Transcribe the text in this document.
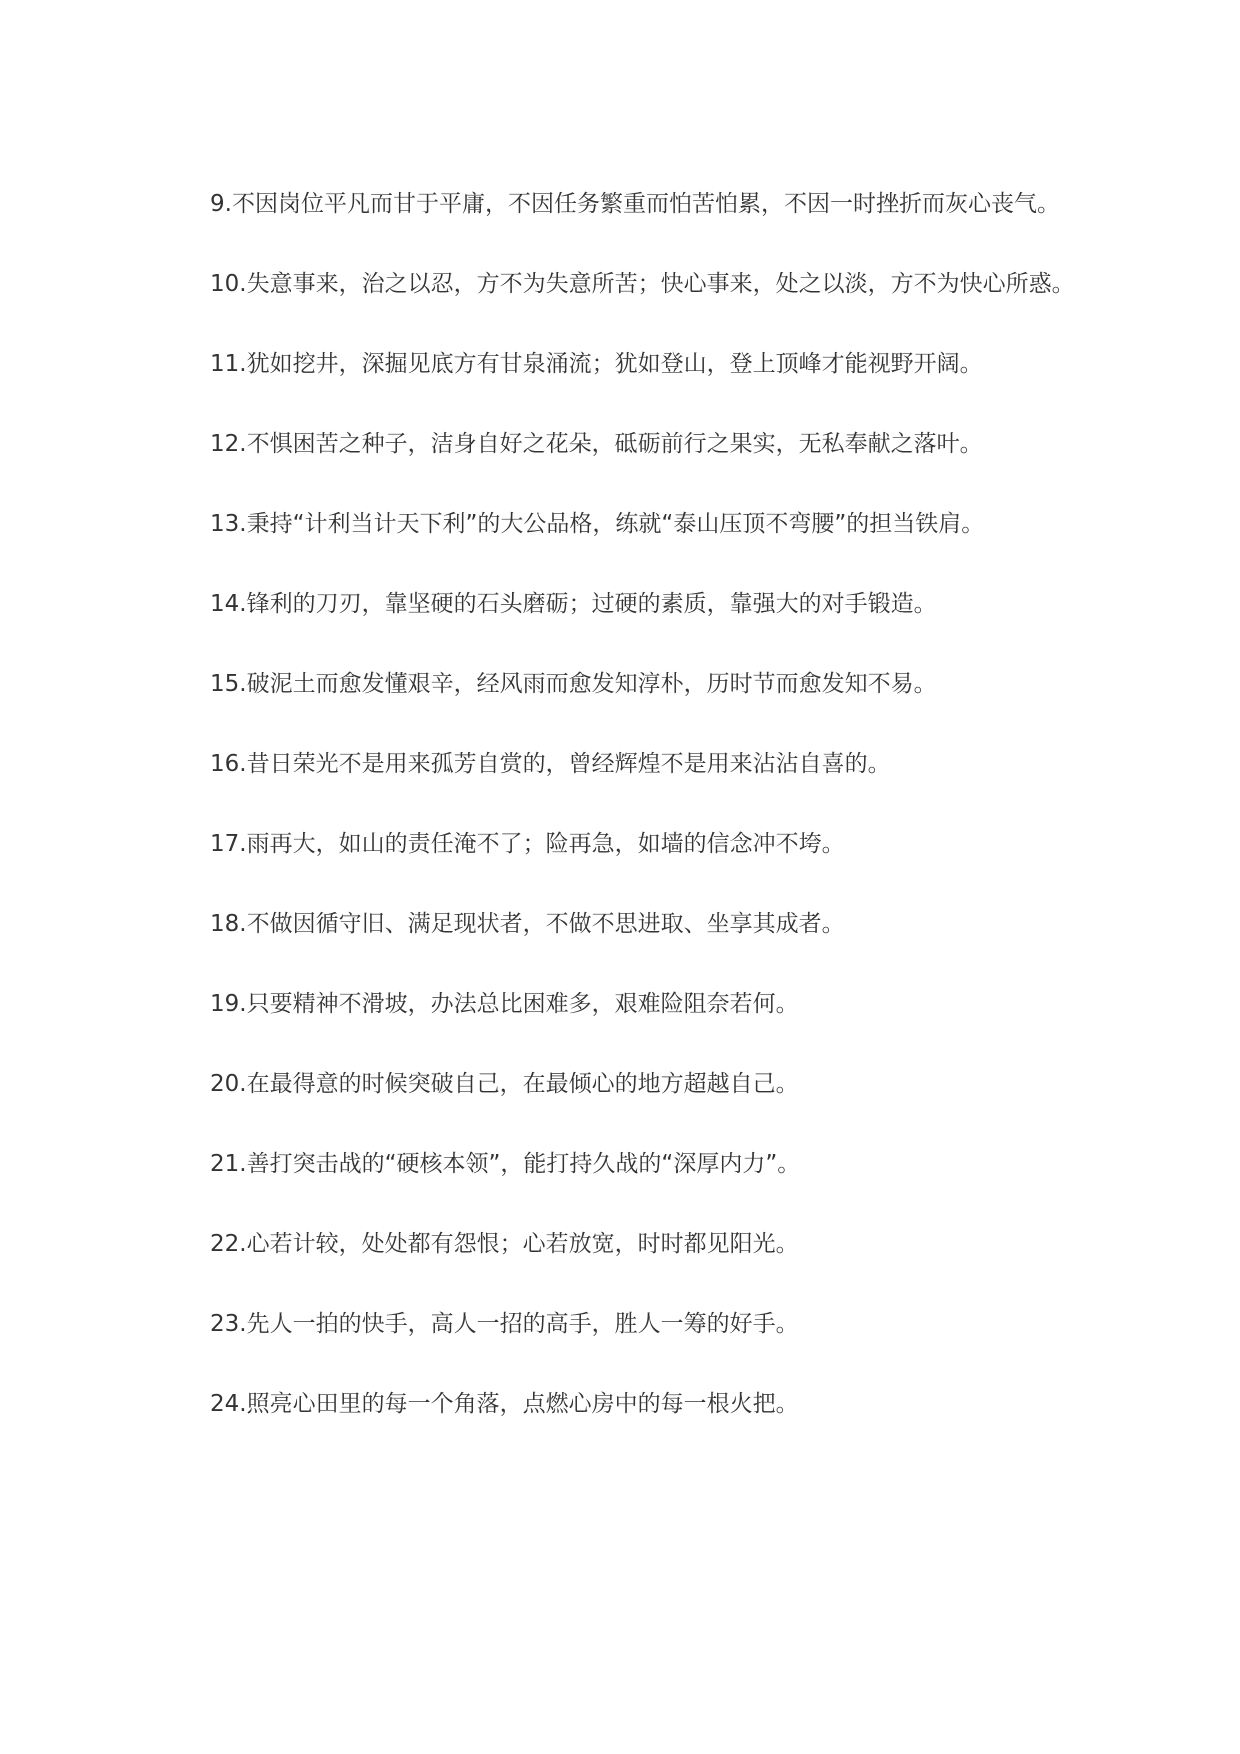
9.不因岗位平凡而甘于平庸，不因任务繁重而怕苦怕累，不因一时挫折而灰心丧气。

10.失意事来，治之以忍，方不为失意所苦；快心事来，处之以淡，方不为快心所惑。

11.犹如挖井，深掘见底方有甘泉涌流；犹如登山，登上顶峰才能视野开阔。

12.不惧困苦之种子，洁身自好之花朵，砥砺前行之果实，无私奉献之落叶。

13.秉持“计利当计天下利”的大公品格，练就“泰山压顶不弯腰”的担当铁肩。

14.锋利的刀刃，靠坚硬的石头磨砺；过硬的素质，靠强大的对手锻造。

15.破泥土而愈发懂艰辛，经风雨而愈发知淳朴，历时节而愈发知不易。

16.昔日荣光不是用来孤芳自赏的，曾经辉煌不是用来沾沾自喜的。

17.雨再大，如山的责任淹不了；险再急，如墙的信念冲不垮。

18.不做因循守旧、满足现状者，不做不思进取、坐享其成者。

19.只要精神不滑坡，办法总比困难多，艰难险阻奈若何。

20.在最得意的时候突破自己，在最倾心的地方超越自己。

21.善打突击战的“硬核本领”，能打持久战的“深厚内力”。

22.心若计较，处处都有怨恨；心若放宽，时时都见阳光。

23.先人一拍的快手，高人一招的高手，胜人一筹的好手。

24.照亮心田里的每一个角落，点燃心房中的每一根火把。
